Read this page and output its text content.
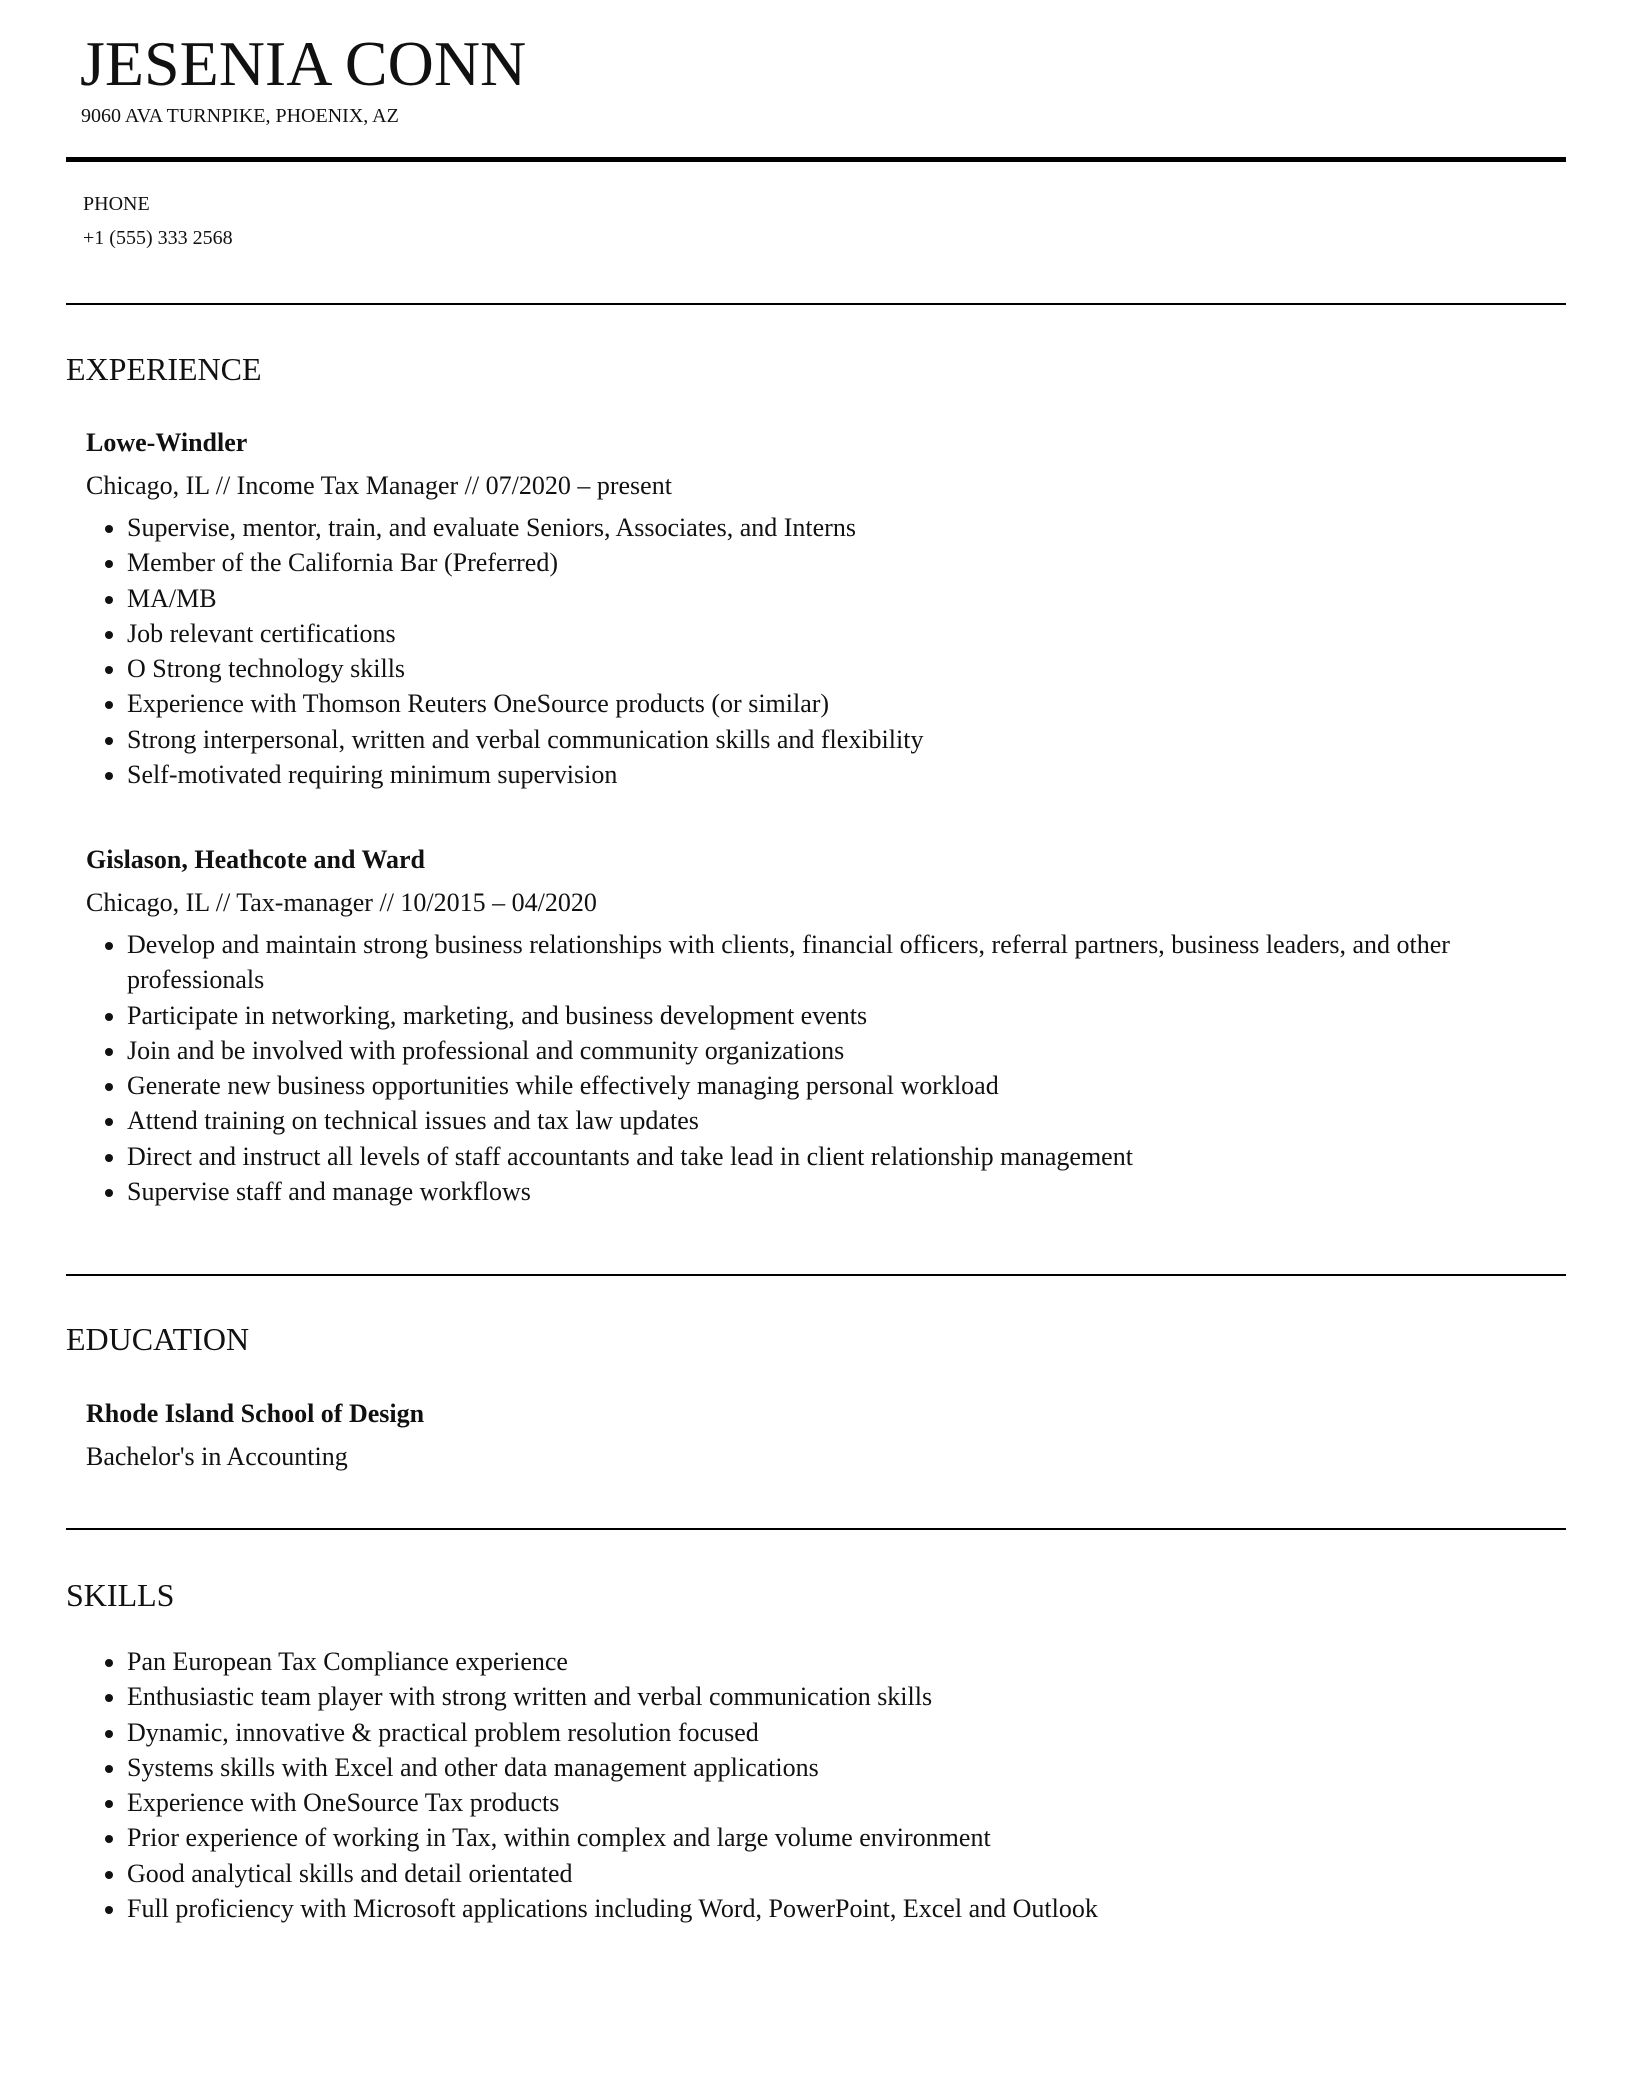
JESENIA CONN
9060 AVA TURNPIKE, PHOENIX, AZ
PHONE
+1 (555) 333 2568
EXPERIENCE
Lowe-Windler
Chicago, IL // Income Tax Manager // 07/2020 – present
• Supervise, mentor, train, and evaluate Seniors, Associates, and Interns
• Member of the California Bar (Preferred)
• MA/MB
• Job relevant certifications
• O Strong technology skills
• Experience with Thomson Reuters OneSource products (or similar)
• Strong interpersonal, written and verbal communication skills and flexibility
• Self-motivated requiring minimum supervision
Gislason, Heathcote and Ward
Chicago, IL // Tax-manager // 10/2015 – 04/2020
• Develop and maintain strong business relationships with clients, financial officers, referral partners, business leaders, and other professionals
• Participate in networking, marketing, and business development events
• Join and be involved with professional and community organizations
• Generate new business opportunities while effectively managing personal workload
• Attend training on technical issues and tax law updates
• Direct and instruct all levels of staff accountants and take lead in client relationship management
• Supervise staff and manage workflows
EDUCATION
Rhode Island School of Design
Bachelor's in Accounting
SKILLS
• Pan European Tax Compliance experience
• Enthusiastic team player with strong written and verbal communication skills
• Dynamic, innovative & practical problem resolution focused
• Systems skills with Excel and other data management applications
• Experience with OneSource Tax products
• Prior experience of working in Tax, within complex and large volume environment
• Good analytical skills and detail orientated
• Full proficiency with Microsoft applications including Word, PowerPoint, Excel and Outlook
